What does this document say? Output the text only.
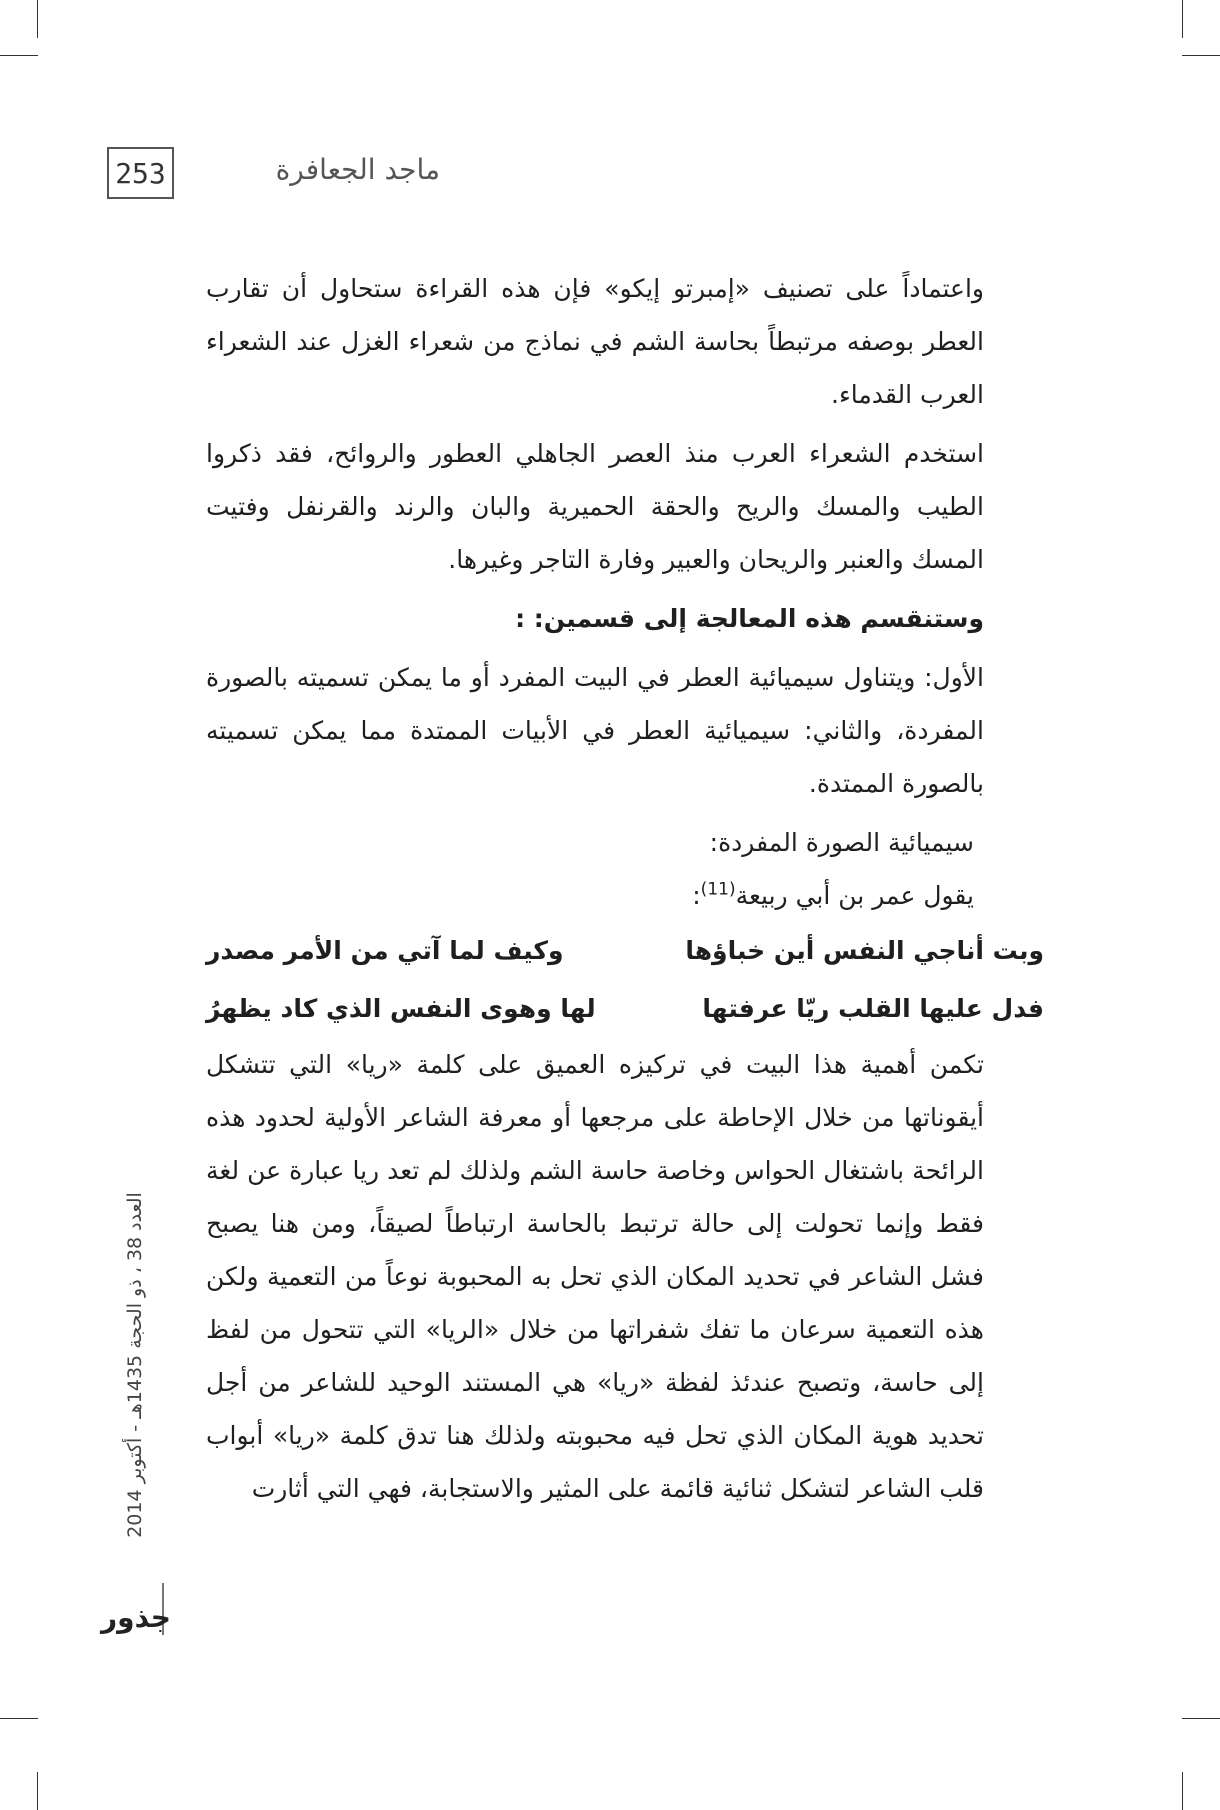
253	ماجد الجعافرة

واعتماداً على تصنيف «إمبرتو إيكو» فإن هذه القراءة ستحاول أن تقارب العطر بوصفه مرتبطاً بحاسة الشم في نماذج من شعراء الغزل عند الشعراء العرب القدماء.

استخدم الشعراء العرب منذ العصر الجاهلي العطور والروائح، فقد ذكروا الطيب والمسك والريح والحقة الحميرية والبان والرند والقرنفل وفتيت المسك والعنبر والريحان والعبير وفارة التاجر وغيرها.

وستنقسم هذه المعالجة إلى قسمين: :

الأول: ويتناول سيميائية العطر في البيت المفرد أو ما يمكن تسميته بالصورة المفردة، والثاني: سيميائية العطر في الأبيات الممتدة مما يمكن تسميته بالصورة الممتدة.

سيميائية الصورة المفردة:

يقول عمر بن أبي ربيعة$^{(11)}$:

وبت أناجي النفس أين خباؤها
وكيف لما آتي من الأمر مصدر
فدل عليها القلب ريّا عرفتها
لها وهوى النفس الذي كاد يظهرُ

تكمن أهمية هذا البيت في تركيزه العميق على كلمة «ريا» التي تتشكل أيقوناتها من خلال الإحاطة على مرجعها أو معرفة الشاعر الأولية لحدود هذه الرائحة باشتغال الحواس وخاصة حاسة الشم ولذلك لم تعد ريا عبارة عن لغة فقط وإنما تحولت إلى حالة ترتبط بالحاسة ارتباطاً لصيقاً، ومن هنا يصبح فشل الشاعر في تحديد المكان الذي تحل به المحبوبة نوعاً من التعمية ولكن هذه التعمية سرعان ما تفك شفراتها من خلال «الريا» التي تتحول من لفظ إلى حاسة، وتصبح عندئذ لفظة «ريا» هي المستند الوحيد للشاعر من أجل تحديد هوية المكان الذي تحل فيه محبوبته ولذلك هنا تدق كلمة «ريا» أبواب قلب الشاعر لتشكل ثنائية قائمة على المثير والاستجابة، فهي التي أثارت

العدد 38 ، ذو الحجة 1435هـ - أكتوبر 2014
جذور
